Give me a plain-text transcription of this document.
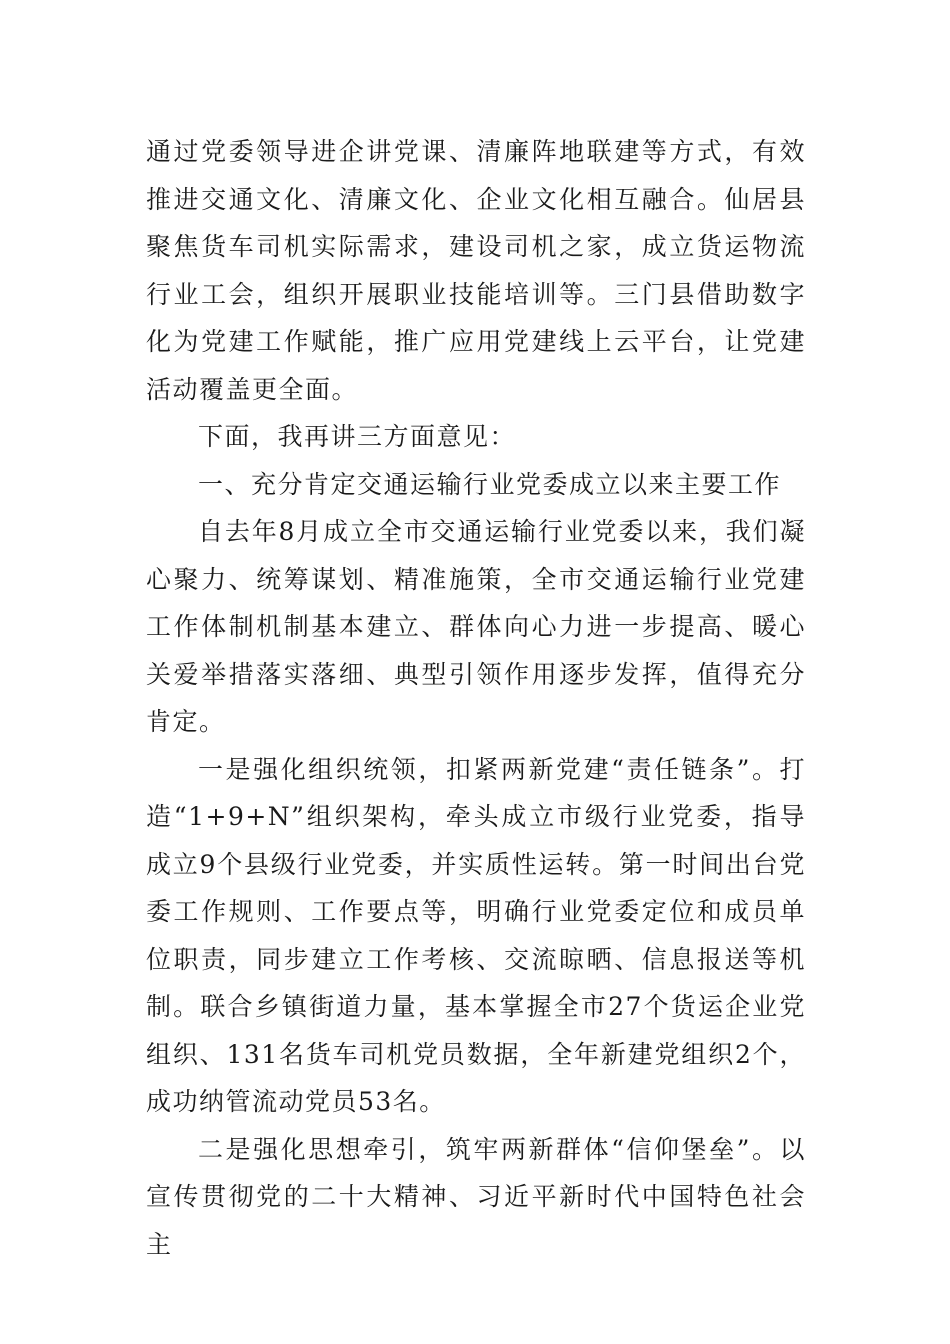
通过党委领导进企讲党课、清廉阵地联建等方式，有效推进交通文化、清廉文化、企业文化相互融合。仙居县聚焦货车司机实际需求，建设司机之家，成立货运物流行业工会，组织开展职业技能培训等。三门县借助数字化为党建工作赋能，推广应用党建线上云平台，让党建活动覆盖更全面。

下面，我再讲三方面意见：

一、充分肯定交通运输行业党委成立以来主要工作

自去年8月成立全市交通运输行业党委以来，我们凝心聚力、统筹谋划、精准施策，全市交通运输行业党建工作体制机制基本建立、群体向心力进一步提高、暖心关爱举措落实落细、典型引领作用逐步发挥，值得充分肯定。

一是强化组织统领，扣紧两新党建“责任链条”。打造“1+9+N”组织架构，牵头成立市级行业党委，指导成立9个县级行业党委，并实质性运转。第一时间出台党委工作规则、工作要点等，明确行业党委定位和成员单位职责，同步建立工作考核、交流晾晒、信息报送等机制。联合乡镇街道力量，基本掌握全市27个货运企业党组织、131名货车司机党员数据，全年新建党组织2个，成功纳管流动党员53名。

二是强化思想牵引，筑牢两新群体“信仰堡垒”。以宣传贯彻党的二十大精神、习近平新时代中国特色社会主
